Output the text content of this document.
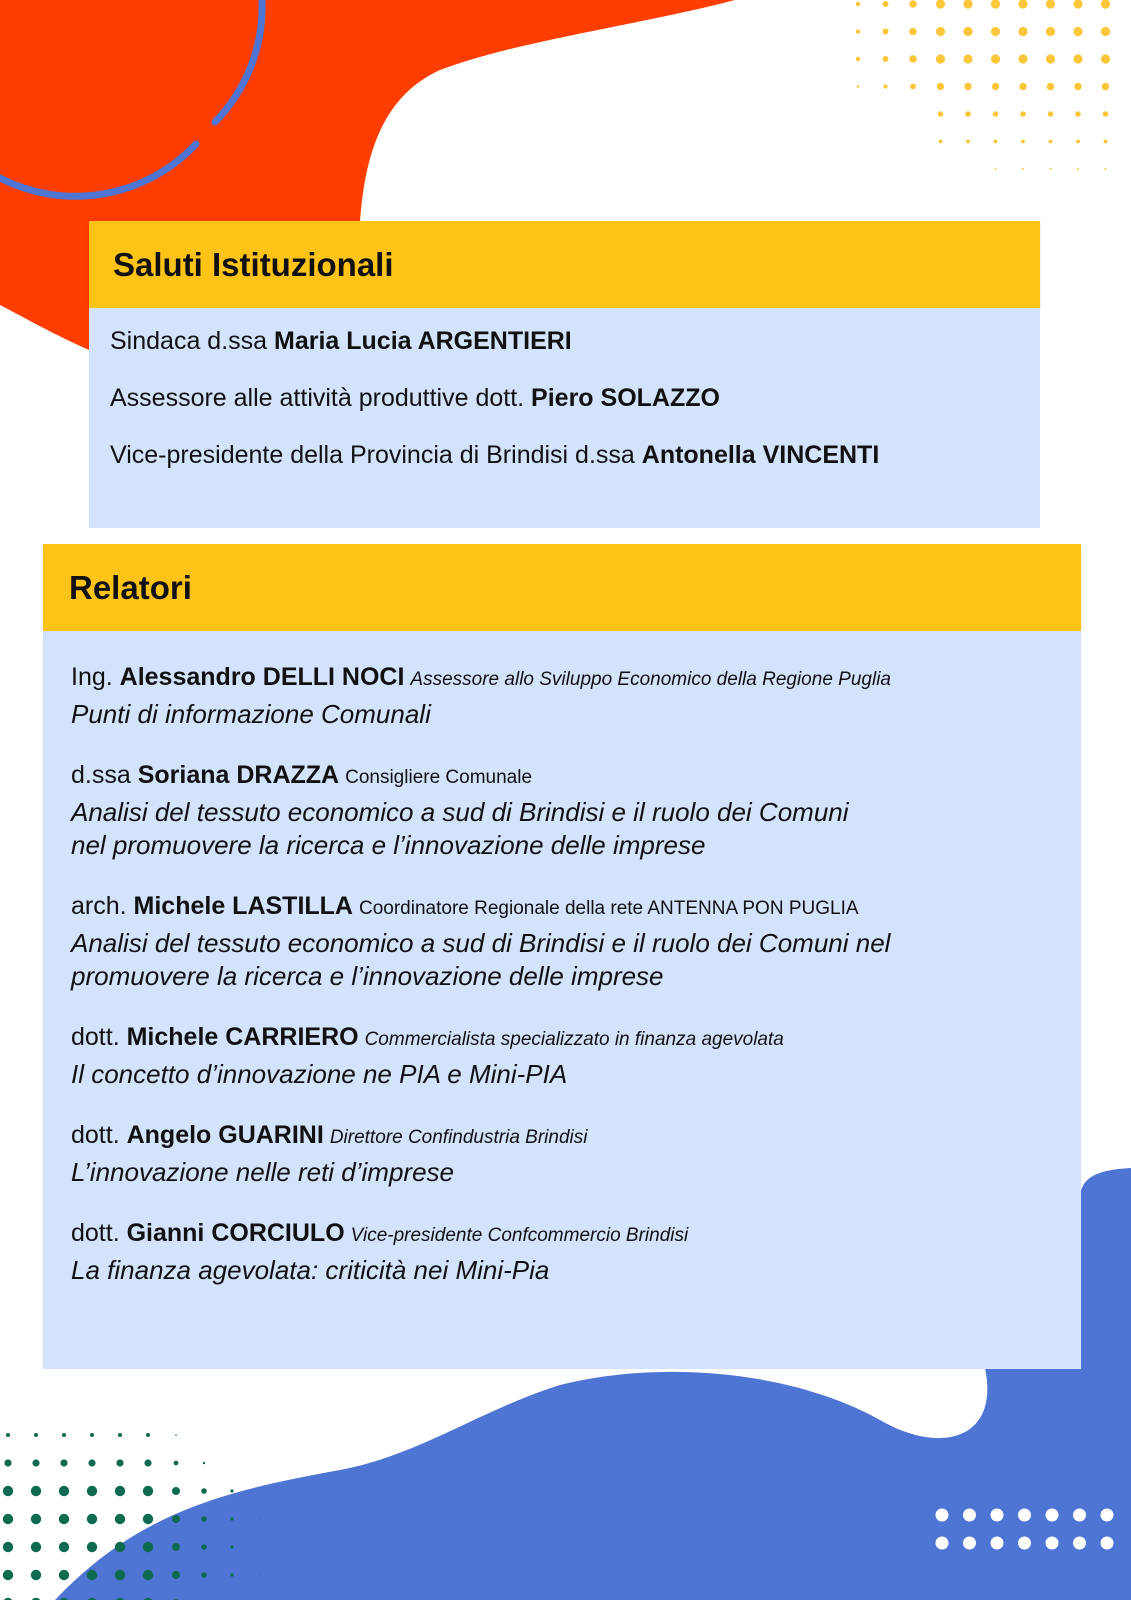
Saluti Istituzionali

Sindaca d.ssa Maria Lucia ARGENTIERI

Assessore alle attività produttive dott. Piero SOLAZZO

Vice-presidente della Provincia di Brindisi d.ssa Antonella VINCENTI

Relatori
Ing. Alessandro DELLI NOCI Assessore allo Sviluppo Economico della Regione Puglia
Punti di informazione Comunali
d.ssa Soriana DRAZZA Consigliere Comunale
Analisi del tessuto economico a sud di Brindisi e il ruolo dei Comuni
nel promuovere la ricerca e l’innovazione delle imprese
arch. Michele LASTILLA Coordinatore Regionale della rete ANTENNA PON PUGLIA
Analisi del tessuto economico a sud di Brindisi e il ruolo dei Comuni nel
promuovere la ricerca e l’innovazione delle imprese
dott. Michele CARRIERO Commercialista specializzato in finanza agevolata
Il concetto d’innovazione ne PIA e Mini-PIA
dott. Angelo GUARINI Direttore Confindustria Brindisi
L’innovazione nelle reti d’imprese
dott. Gianni CORCIULO Vice-presidente Confcommercio Brindisi
La finanza agevolata: criticità nei Mini-Pia
